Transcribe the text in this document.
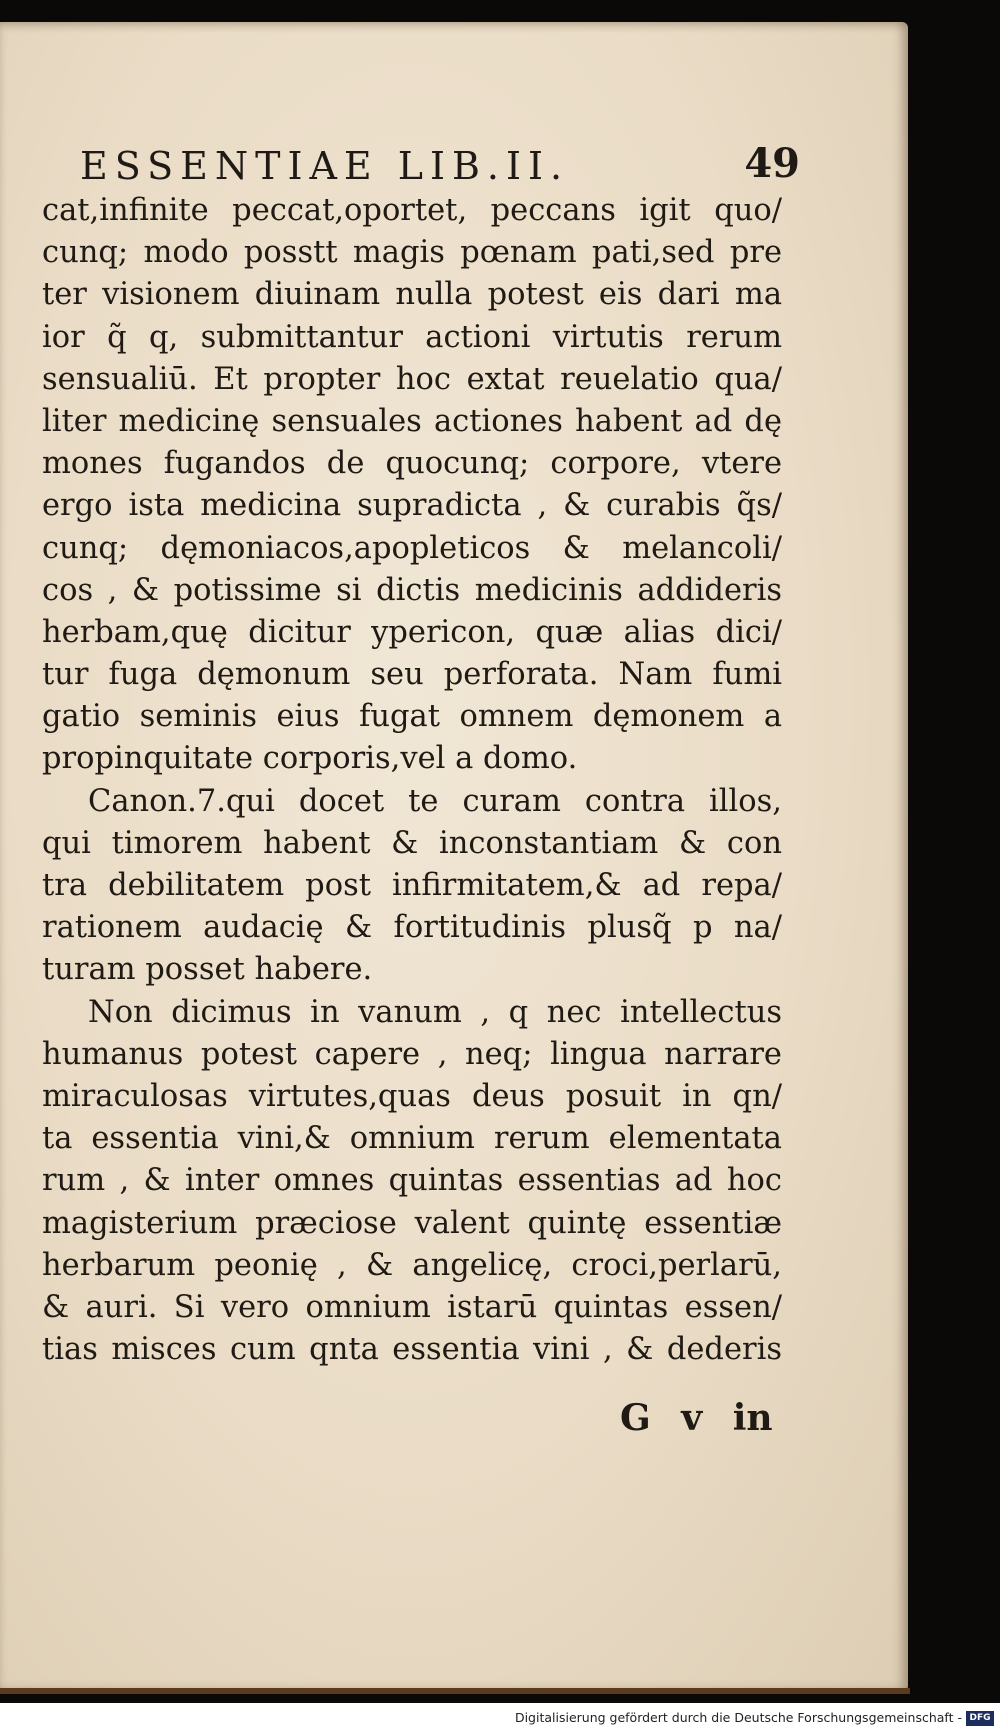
ESSENTIAE LIB.II.	49
cat,infinite peccat,oportet, peccans igit quo/
cunq; modo posstt magis pœnam pati,sed pre
ter visionem diuinam nulla potest eis dari ma
ior q̃ q, submittantur actioni virtutis rerum
sensualiū. Et propter hoc extat reuelatio qua/
liter medicinę sensuales actiones habent ad dę
mones fugandos de quocunq; corpore, vtere
ergo ista medicina supradicta , & curabis q̃s/
cunq; dęmoniacos,apopleticos & melancoli/
cos , & potissime si dictis medicinis addideris
herbam,quę dicitur ypericon, quæ alias dici/
tur fuga dęmonum seu perforata. Nam fumi
gatio seminis eius fugat omnem dęmonem a
propinquitate corporis,vel a domo.
Canon.7.qui docet te curam contra illos,
qui timorem habent & inconstantiam & con
tra debilitatem post infirmitatem,& ad repa/
rationem audacię & fortitudinis plusq̃ p na/
turam posset habere.
Non dicimus in vanum , q nec intellectus
humanus potest capere , neq; lingua narrare
miraculosas virtutes,quas deus posuit in qn/
ta essentia vini,& omnium rerum elementata
rum , & inter omnes quintas essentias ad hoc
magisterium præciose valent quintę essentiæ
herbarum peonię , & angelicę, croci,perlarū,
& auri. Si vero omnium istarū quintas essen/
tias misces cum qnta essentia vini , & dederis
G v in
Digitalisierung gefördert durch die Deutsche Forschungsgemeinschaft - DFG
